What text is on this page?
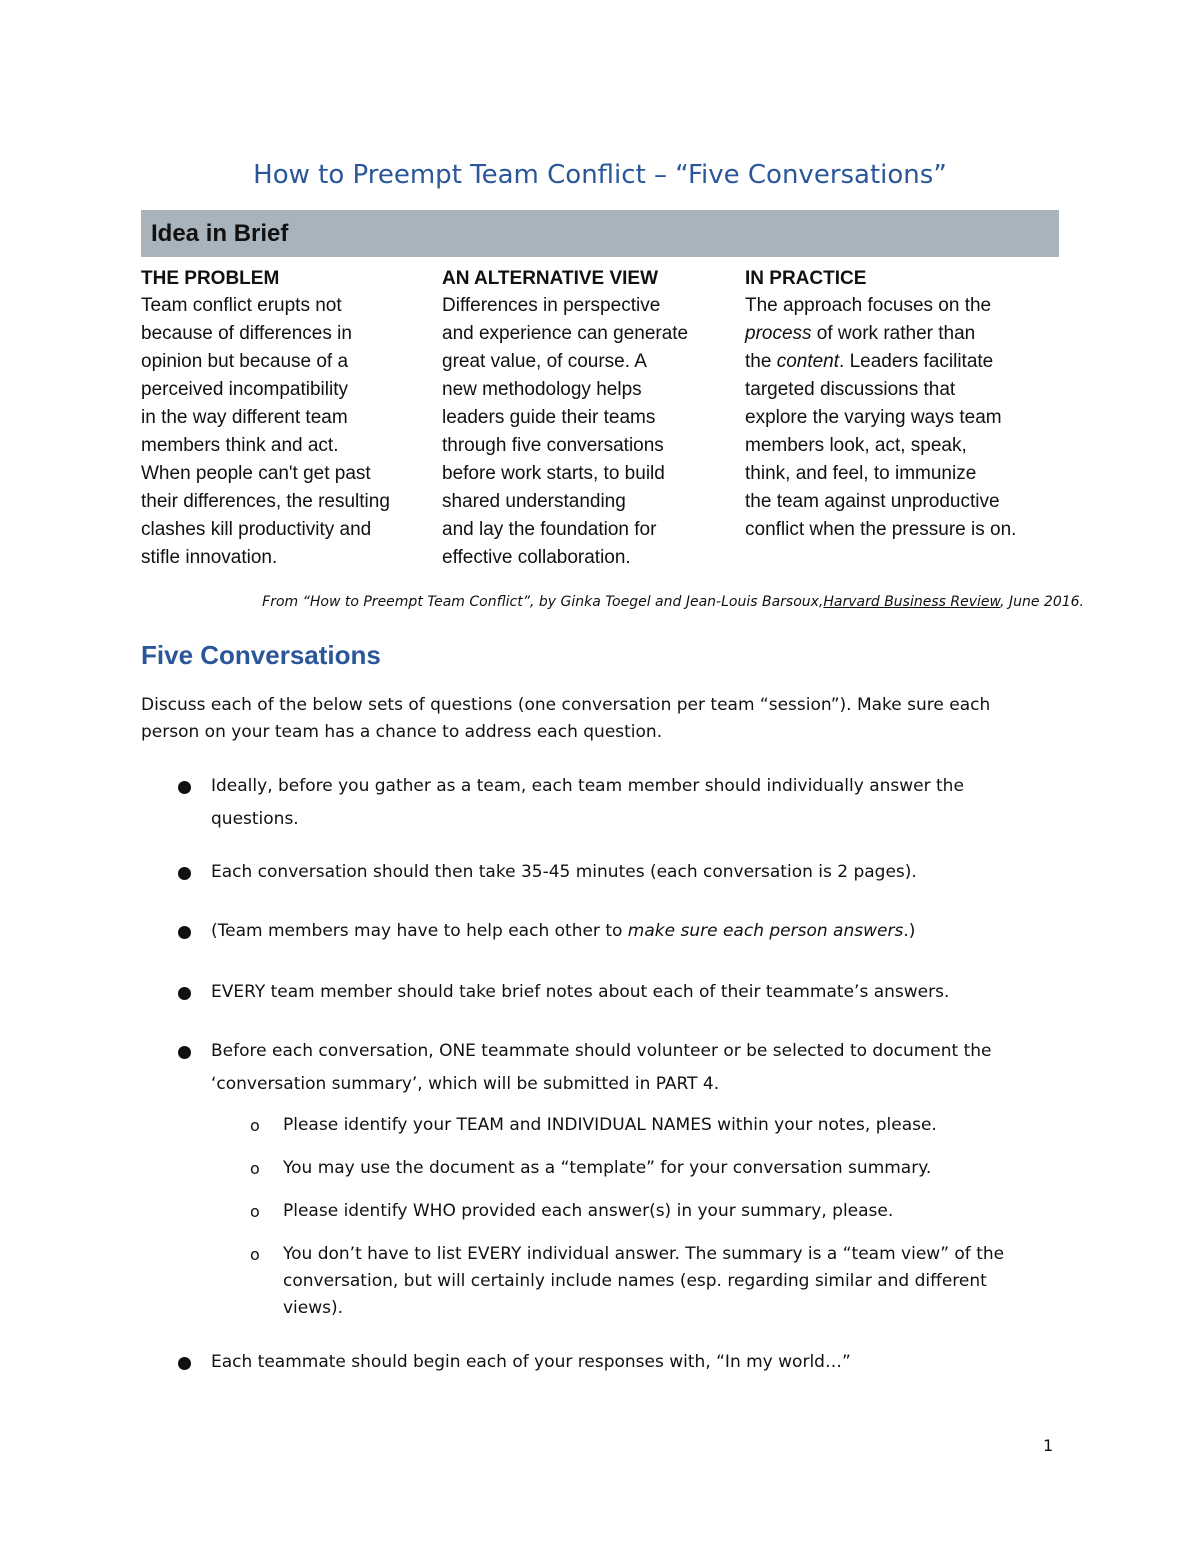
How to Preempt Team Conflict – “Five Conversations”
Idea in Brief
THE PROBLEM

Team conflict erupts not

because of differences in

opinion but because of a

perceived incompatibility

in the way different team

members think and act.

When people can't get past

their differences, the resulting

clashes kill productivity and

stifle innovation.

AN ALTERNATIVE VIEW

Differences in perspective

and experience can generate

great value, of course. A

new methodology helps

leaders guide their teams

through five conversations

before work starts, to build

shared understanding

and lay the foundation for

effective collaboration.

IN PRACTICE

The approach focuses on the

process of work rather than

the content. Leaders facilitate

targeted discussions that

explore the varying ways team

members look, act, speak,

think, and feel, to immunize

the team against unproductive

conflict when the pressure is on.

From “How to Preempt Team Conflict”, by Ginka Toegel and Jean-Louis Barsoux,Harvard Business Review, June 2016.
Five Conversations
Discuss each of the below sets of questions (one conversation per team “session”). Make sure each person on your team has a chance to address each question.
Ideally, before you gather as a team, each team member should individually answer the questions.
Each conversation should then take 35-45 minutes (each conversation is 2 pages).
(Team members may have to help each other to make sure each person answers.)
EVERY team member should take brief notes about each of their teammate’s answers.
Before each conversation, ONE teammate should volunteer or be selected to document the ‘conversation summary’, which will be submitted in PART 4.
o Please identify your TEAM and INDIVIDUAL NAMES within your notes, please.
o You may use the document as a “template” for your conversation summary.
o Please identify WHO provided each answer(s) in your summary, please.
o You don’t have to list EVERY individual answer. The summary is a “team view” of the conversation, but will certainly include names (esp. regarding similar and different views).
Each teammate should begin each of your responses with, “In my world…”
1
